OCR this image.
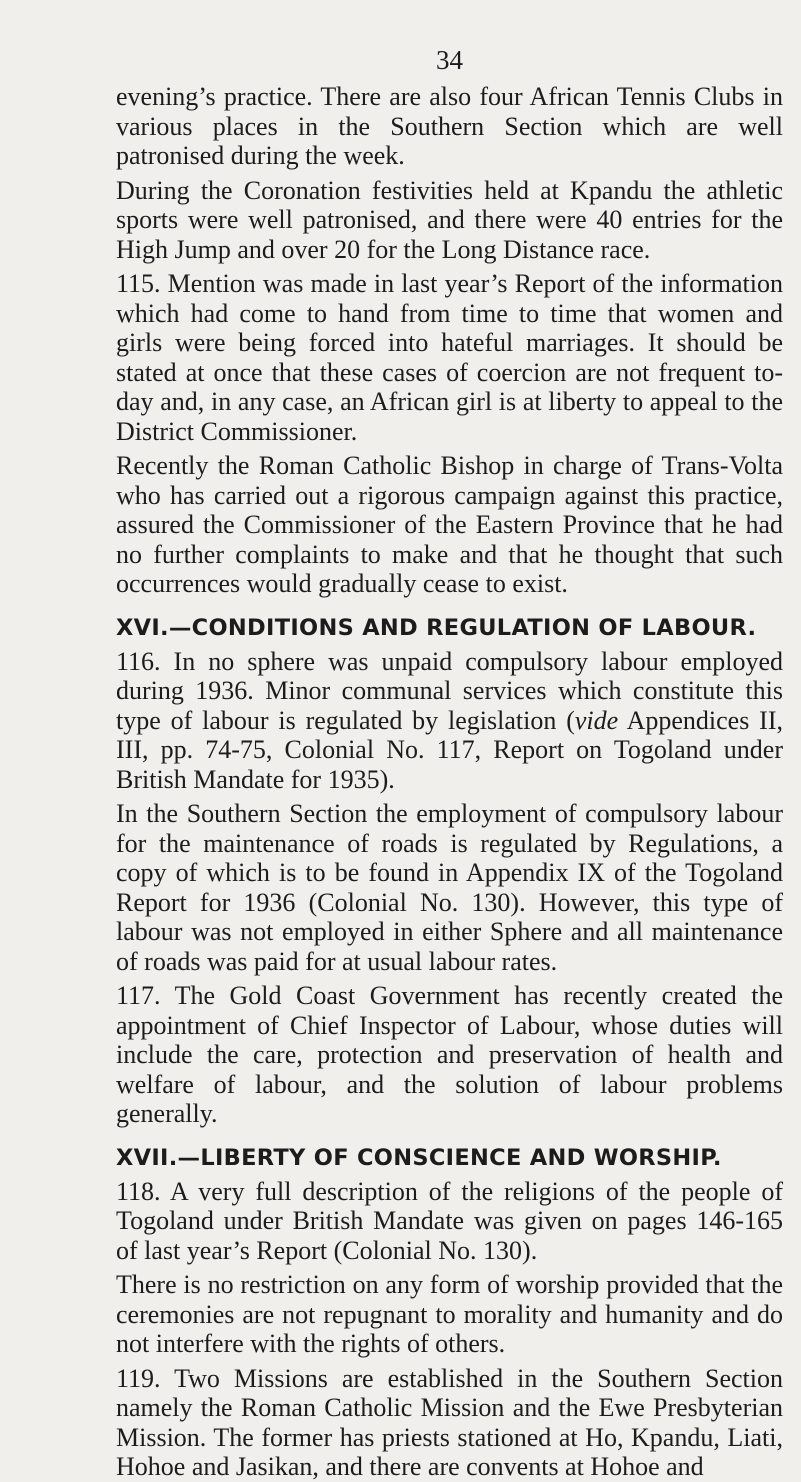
34

evening’s practice. There are also four African Tennis Clubs in various places in the Southern Section which are well patronised during the week.

During the Coronation festivities held at Kpandu the athletic sports were well patronised, and there were 40 entries for the High Jump and over 20 for the Long Distance race.

115. Mention was made in last year’s Report of the information which had come to hand from time to time that women and girls were being forced into hateful marriages. It should be stated at once that these cases of coercion are not frequent to-day and, in any case, an African girl is at liberty to appeal to the District Commissioner.

Recently the Roman Catholic Bishop in charge of Trans-Volta who has carried out a rigorous campaign against this practice, assured the Commissioner of the Eastern Province that he had no further complaints to make and that he thought that such occurrences would gradually cease to exist.

XVI.—CONDITIONS AND REGULATION OF LABOUR.

116. In no sphere was unpaid compulsory labour employed during 1936. Minor communal services which constitute this type of labour is regulated by legislation (vide Appendices II, III, pp. 74-75, Colonial No. 117, Report on Togoland under British Mandate for 1935).

In the Southern Section the employment of compulsory labour for the maintenance of roads is regulated by Regulations, a copy of which is to be found in Appendix IX of the Togoland Report for 1936 (Colonial No. 130). However, this type of labour was not employed in either Sphere and all maintenance of roads was paid for at usual labour rates.

117. The Gold Coast Government has recently created the appointment of Chief Inspector of Labour, whose duties will include the care, protection and preservation of health and welfare of labour, and the solution of labour problems generally.

XVII.—LIBERTY OF CONSCIENCE AND WORSHIP.

118. A very full description of the religions of the people of Togoland under British Mandate was given on pages 146-165 of last year’s Report (Colonial No. 130).

There is no restriction on any form of worship provided that the ceremonies are not repugnant to morality and humanity and do not interfere with the rights of others.

119. Two Missions are established in the Southern Section namely the Roman Catholic Mission and the Ewe Presbyterian Mission. The former has priests stationed at Ho, Kpandu, Liati, Hohoe and Jasikan, and there are convents at Hohoe and
